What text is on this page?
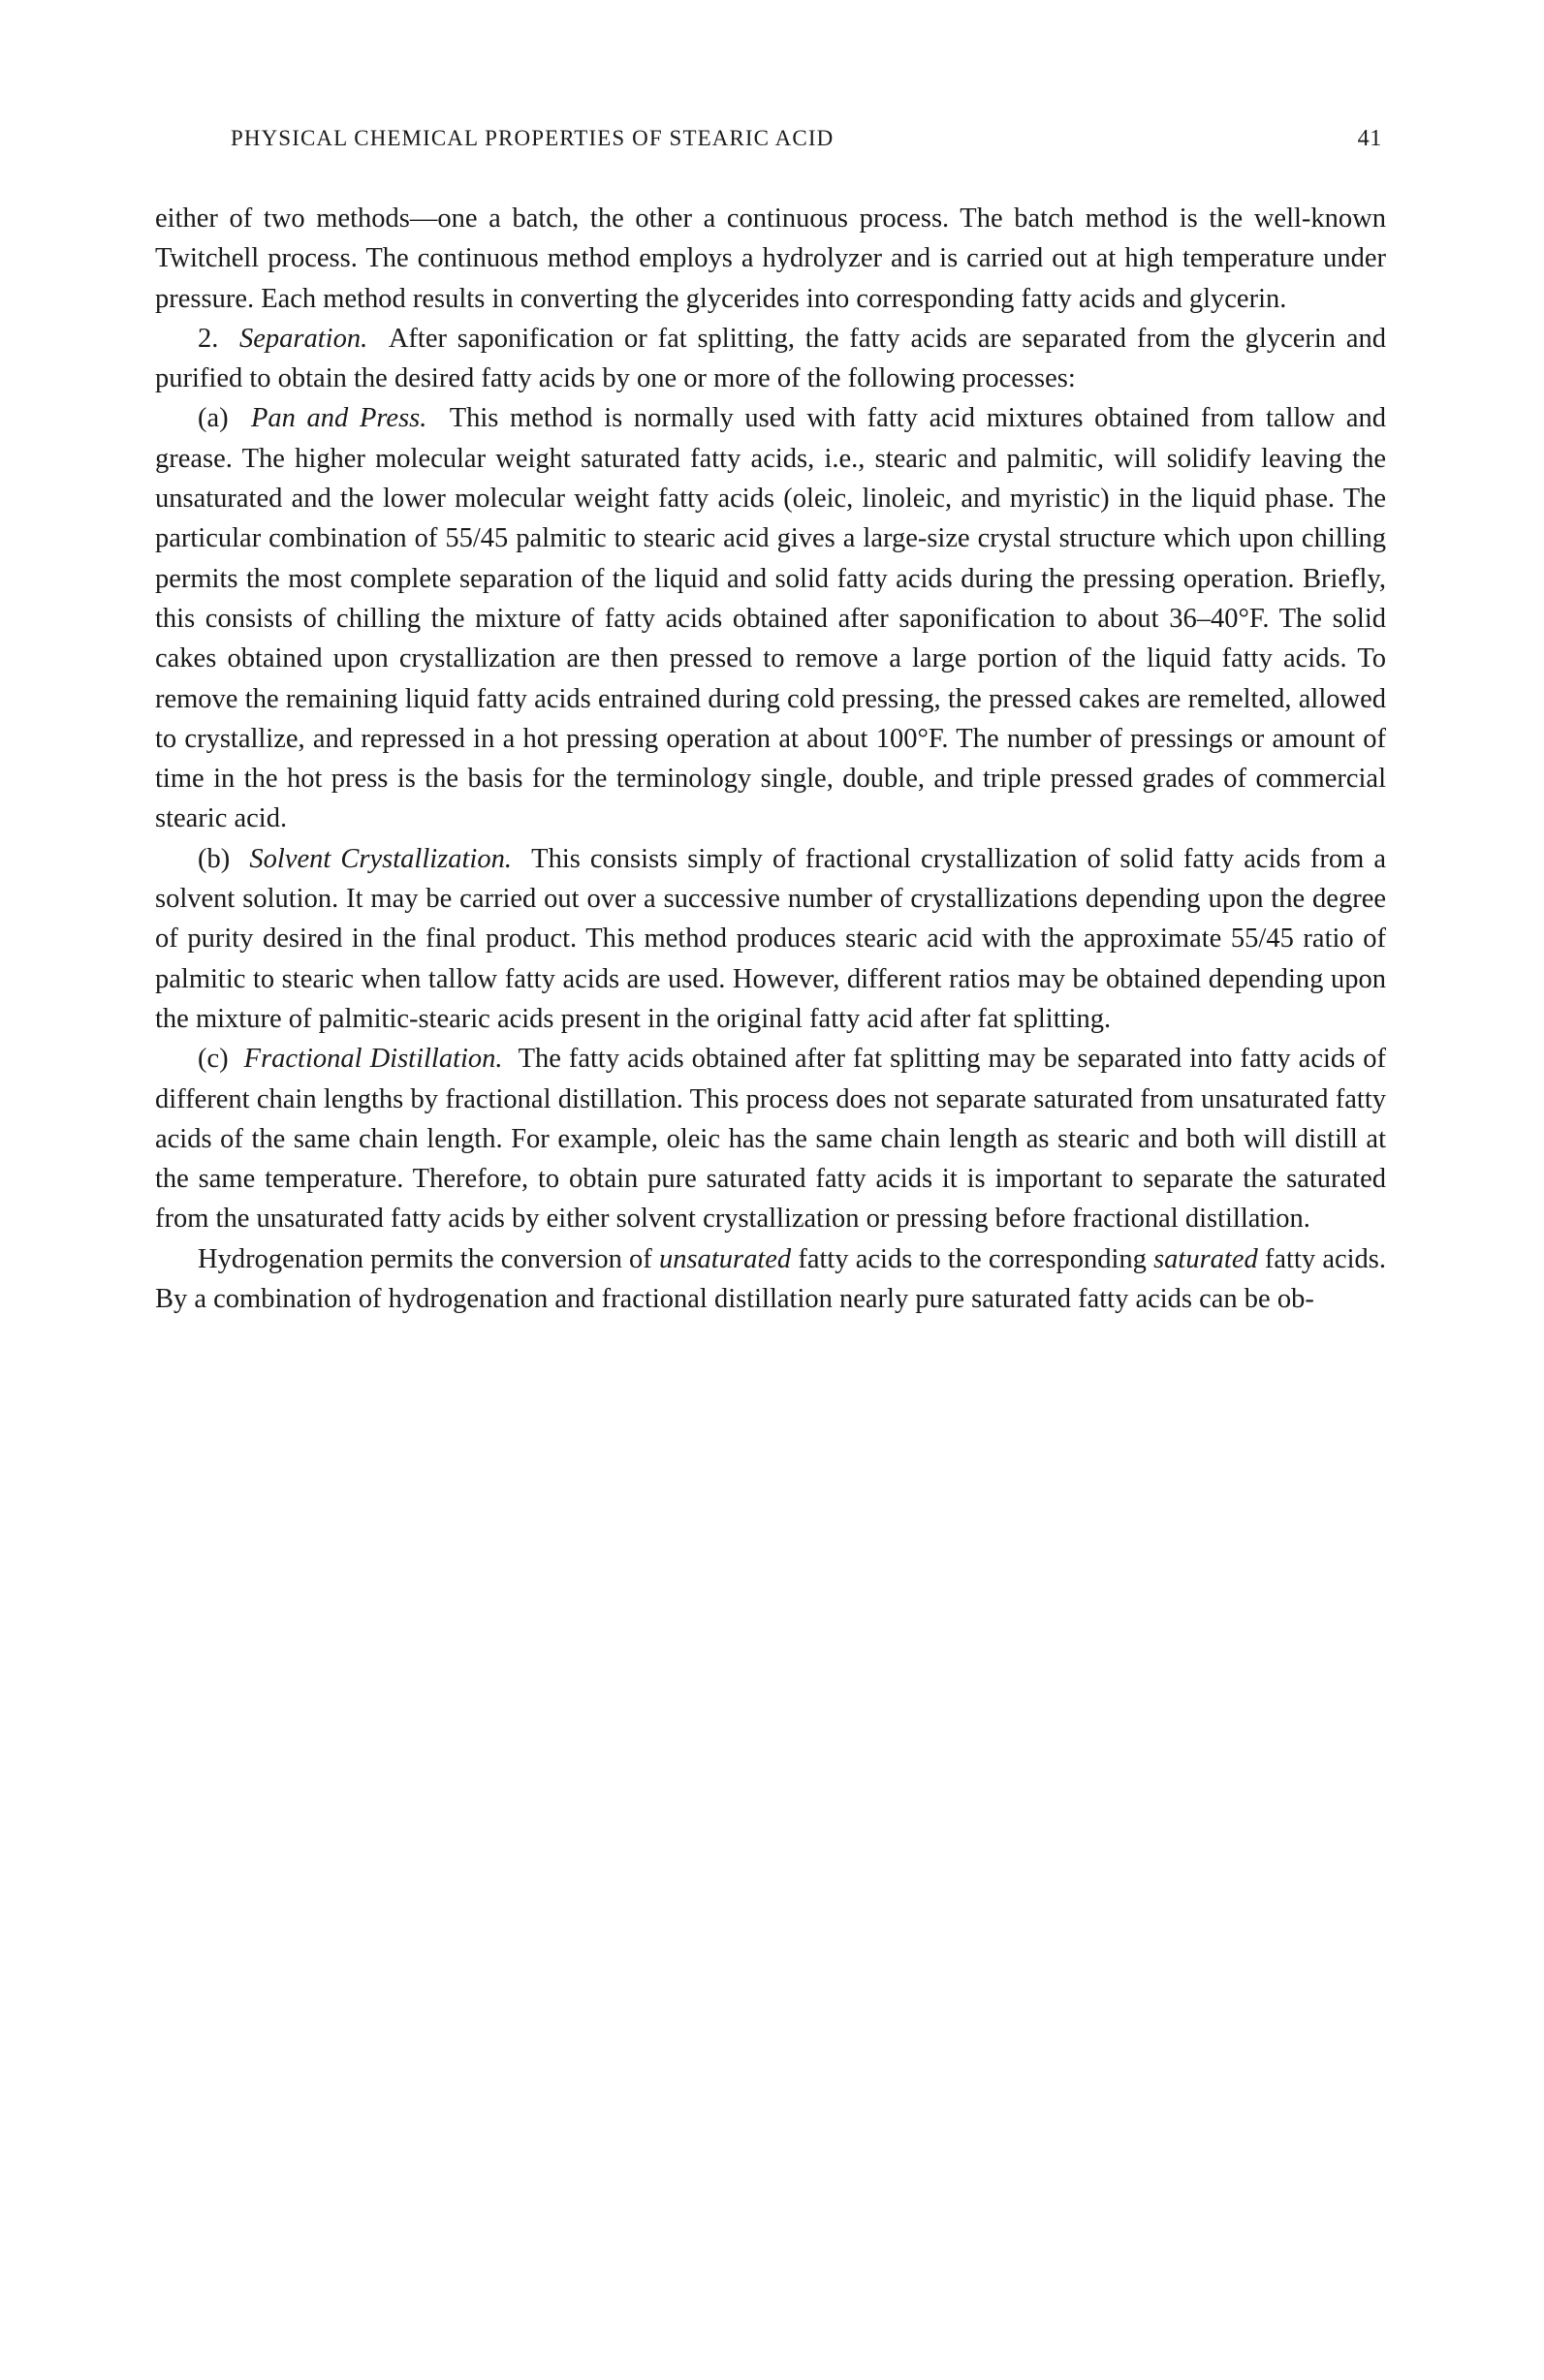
PHYSICAL CHEMICAL PROPERTIES OF STEARIC ACID	41

either of two methods—one a batch, the other a continuous process. The batch method is the well-known Twitchell process. The continuous method employs a hydrolyzer and is carried out at high temperature under pressure. Each method results in converting the glycerides into corresponding fatty acids and glycerin.

2. Separation. After saponification or fat splitting, the fatty acids are separated from the glycerin and purified to obtain the desired fatty acids by one or more of the following processes:

(a) Pan and Press. This method is normally used with fatty acid mixtures obtained from tallow and grease. The higher molecular weight saturated fatty acids, i.e., stearic and palmitic, will solidify leaving the unsaturated and the lower molecular weight fatty acids (oleic, linoleic, and myristic) in the liquid phase. The particular combination of 55/45 palmitic to stearic acid gives a large-size crystal structure which upon chilling permits the most complete separation of the liquid and solid fatty acids during the pressing operation. Briefly, this consists of chilling the mixture of fatty acids obtained after saponification to about 36–40°F. The solid cakes obtained upon crystallization are then pressed to remove a large portion of the liquid fatty acids. To remove the remaining liquid fatty acids entrained during cold pressing, the pressed cakes are remelted, allowed to crystallize, and repressed in a hot pressing operation at about 100°F. The number of pressings or amount of time in the hot press is the basis for the terminology single, double, and triple pressed grades of commercial stearic acid.

(b) Solvent Crystallization. This consists simply of fractional crystallization of solid fatty acids from a solvent solution. It may be carried out over a successive number of crystallizations depending upon the degree of purity desired in the final product. This method produces stearic acid with the approximate 55/45 ratio of palmitic to stearic when tallow fatty acids are used. However, different ratios may be obtained depending upon the mixture of palmitic-stearic acids present in the original fatty acid after fat splitting.

(c) Fractional Distillation. The fatty acids obtained after fat splitting may be separated into fatty acids of different chain lengths by fractional distillation. This process does not separate saturated from unsaturated fatty acids of the same chain length. For example, oleic has the same chain length as stearic and both will distill at the same temperature. Therefore, to obtain pure saturated fatty acids it is important to separate the saturated from the unsaturated fatty acids by either solvent crystallization or pressing before fractional distillation.

Hydrogenation permits the conversion of unsaturated fatty acids to the corresponding saturated fatty acids. By a combination of hydrogenation and fractional distillation nearly pure saturated fatty acids can be ob-
